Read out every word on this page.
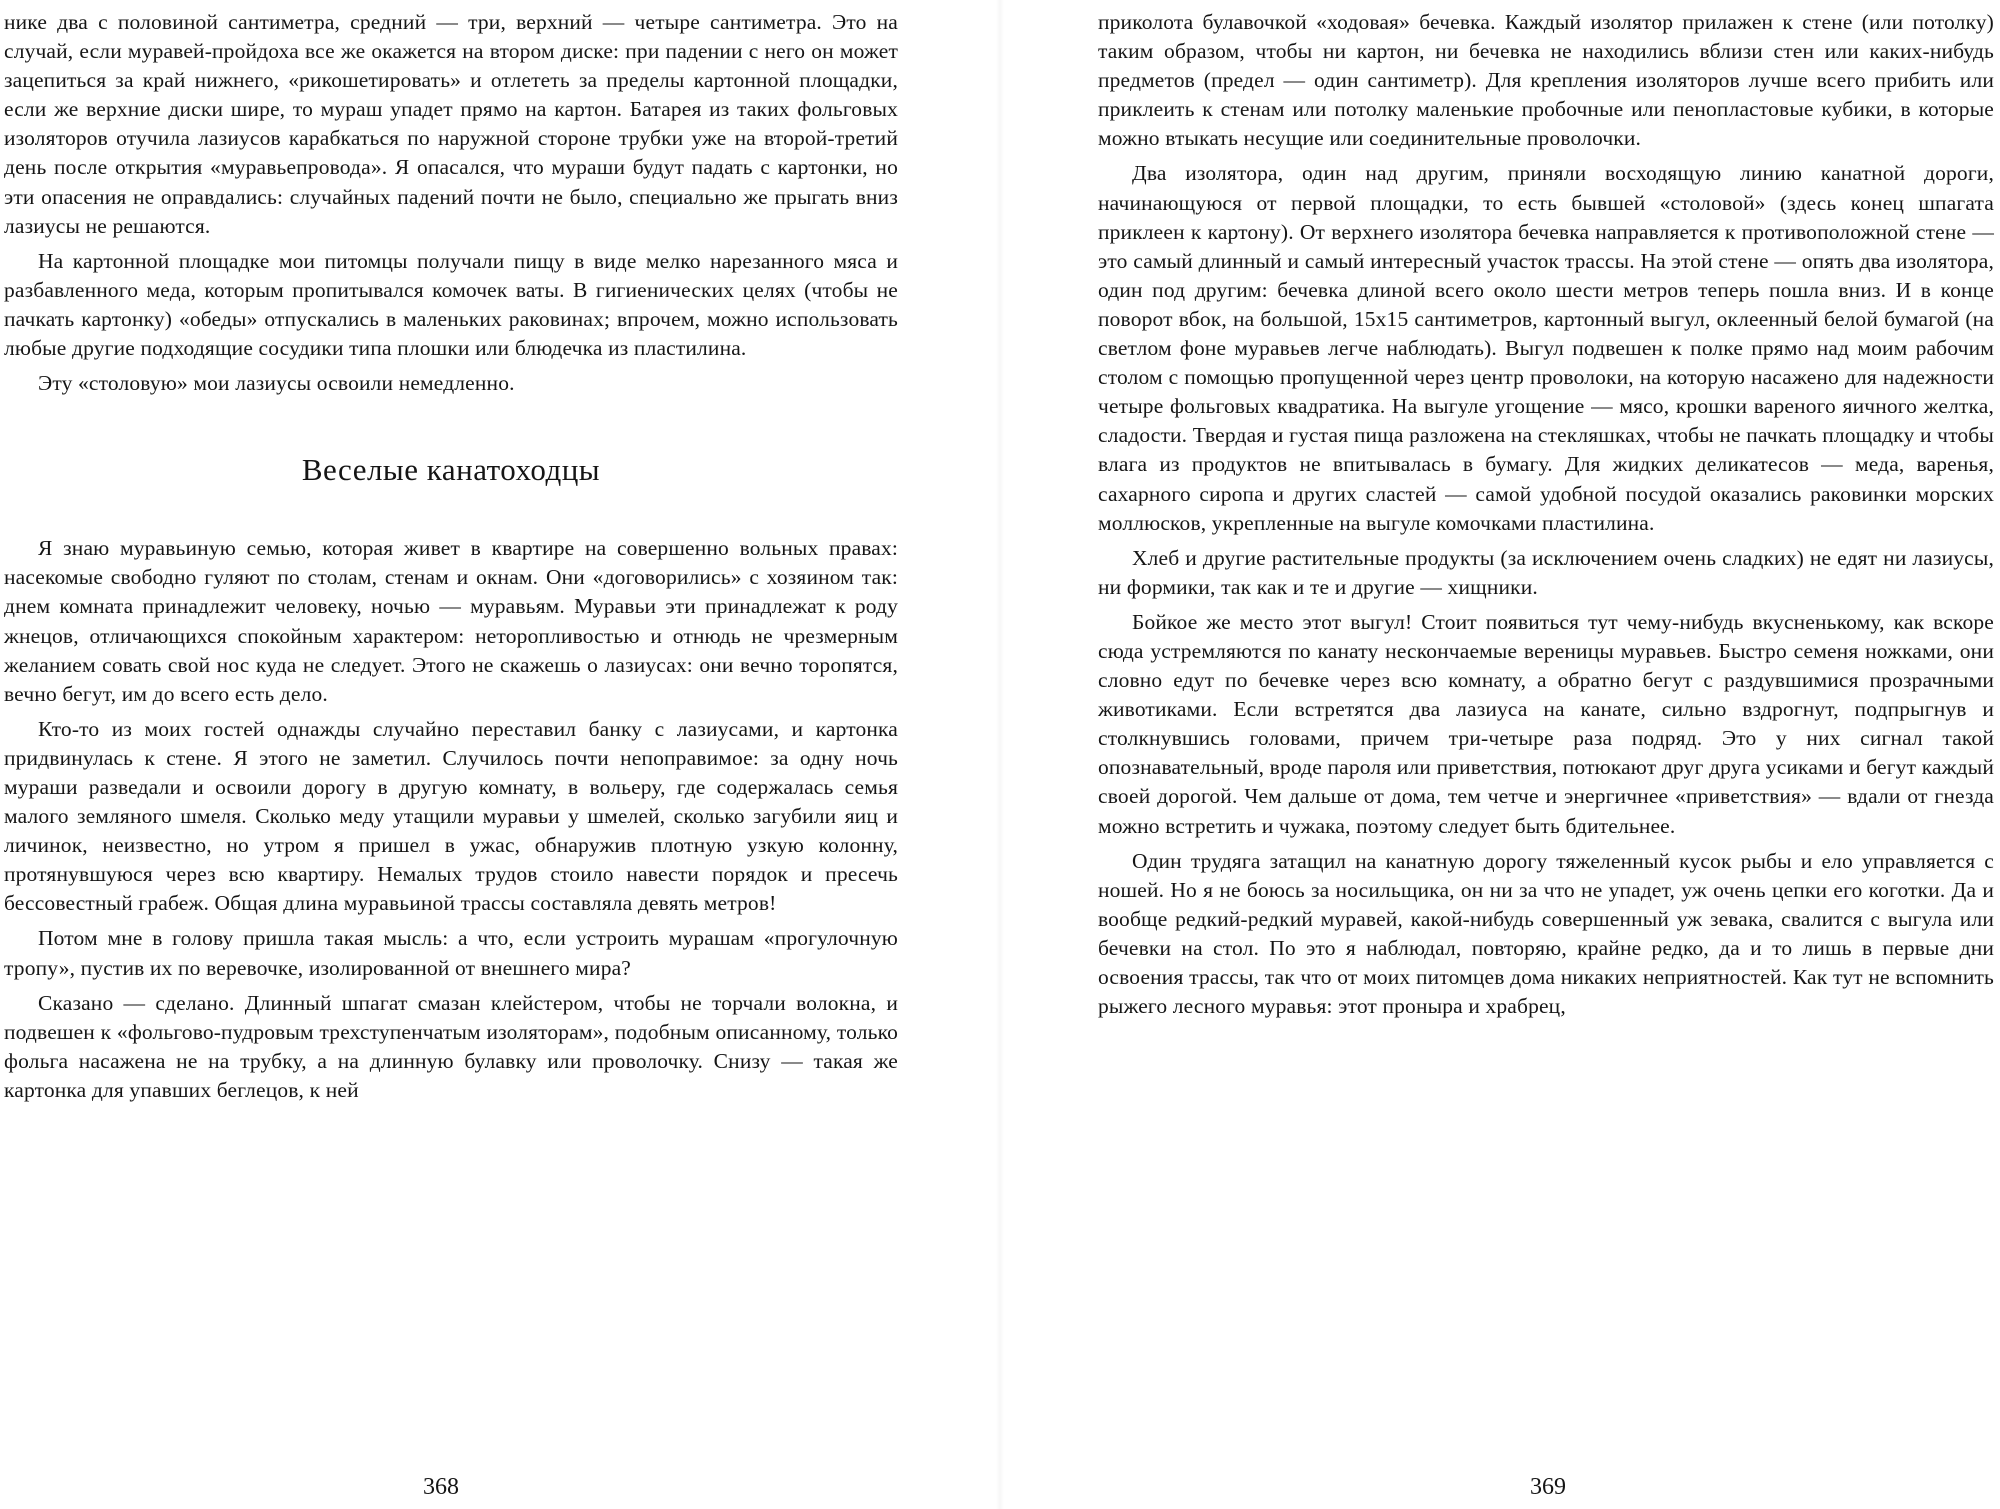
нике два с половиной сантиметра, средний — три, верхний — четыре сантиметра. Это на случай, если муравей-пройдоха все же окажется на втором диске: при падении с него он может зацепиться за край нижнего, «рикошетировать» и отлететь за пределы картонной площадки, если же верхние диски шире, то мураш упадет прямо на картон. Батарея из таких фольговых изоляторов отучила лазиусов карабкаться по наружной стороне трубки уже на второй-третий день после открытия «муравьепровода». Я опасался, что мураши будут падать с картонки, но эти опасения не оправдались: случайных падений почти не было, специально же прыгать вниз лазиусы не решаются.

На картонной площадке мои питомцы получали пищу в виде мелко нарезанного мяса и разбавленного меда, которым пропитывался комочек ваты. В гигиенических целях (чтобы не пачкать картонку) «обеды» отпускались в маленьких раковинах; впрочем, можно использовать любые другие подходящие сосудики типа плошки или блюдечка из пластилина.

Эту «столовую» мои лазиусы освоили немедленно.

Веселые канатоходцы

Я знаю муравьиную семью, которая живет в квартире на совершенно вольных правах: насекомые свободно гуляют по столам, стенам и окнам. Они «договорились» с хозяином так: днем комната принадлежит человеку, ночью — муравьям. Муравьи эти принадлежат к роду жнецов, отличающихся спокойным характером: неторопливостью и отнюдь не чрезмерным желанием совать свой нос куда не следует. Этого не скажешь о лазиусах: они вечно торопятся, вечно бегут, им до всего есть дело.

Кто-то из моих гостей однажды случайно переставил банку с лазиусами, и картонка придвинулась к стене. Я этого не заметил. Случилось почти непоправимое: за одну ночь мураши разведали и освоили дорогу в другую комнату, в вольеру, где содержалась семья малого земляного шмеля. Сколько меду утащили муравьи у шмелей, сколько загубили яиц и личинок, неизвестно, но утром я пришел в ужас, обнаружив плотную узкую колонну, протянувшуюся через всю квартиру. Немалых трудов стоило навести порядок и пресечь бессовестный грабеж. Общая длина муравьиной трассы составляла девять метров!

Потом мне в голову пришла такая мысль: а что, если устроить мурашам «прогулочную тропу», пустив их по веревочке, изолированной от внешнего мира?

Сказано — сделано. Длинный шпагат смазан клейстером, чтобы не торчали волокна, и подвешен к «фольгово-пудровым трехступенчатым изоляторам», подобным описанному, только фольга насажена не на трубку, а на длинную булавку или проволочку. Снизу — такая же картонка для упавших беглецов, к ней

368

приколота булавочкой «ходовая» бечевка. Каждый изолятор прилажен к стене (или потолку) таким образом, чтобы ни картон, ни бечевка не находились вблизи стен или каких-нибудь предметов (предел — один сантиметр). Для крепления изоляторов лучше всего прибить или приклеить к стенам или потолку маленькие пробочные или пенопластовые кубики, в которые можно втыкать несущие или соединительные проволочки.

Два изолятора, один над другим, приняли восходящую линию канатной дороги, начинающуюся от первой площадки, то есть бывшей «столовой» (здесь конец шпагата приклеен к картону). От верхнего изолятора бечевка направляется к противоположной стене — это самый длинный и самый интересный участок трассы. На этой стене — опять два изолятора, один под другим: бечевка длиной всего около шести метров теперь пошла вниз. И в конце поворот вбок, на большой, 15x15 сантиметров, картонный выгул, оклеенный белой бумагой (на светлом фоне муравьев легче наблюдать). Выгул подвешен к полке прямо над моим рабочим столом с помощью пропущенной через центр проволоки, на которую насажено для надежности четыре фольговых квадратика. На выгуле угощение — мясо, крошки вареного яичного желтка, сладости. Твердая и густая пища разложена на стекляшках, чтобы не пачкать площадку и чтобы влага из продуктов не впитывалась в бумагу. Для жидких деликатесов — меда, варенья, сахарного сиропа и других сластей — самой удобной посудой оказались раковинки морских моллюсков, укрепленные на выгуле комочками пластилина.

Хлеб и другие растительные продукты (за исключением очень сладких) не едят ни лазиусы, ни формики, так как и те и другие — хищники.

Бойкое же место этот выгул! Стоит появиться тут чему-нибудь вкусненькому, как вскоре сюда устремляются по канату нескончаемые вереницы муравьев. Быстро семеня ножками, они словно едут по бечевке через всю комнату, а обратно бегут с раздувшимися прозрачными животиками. Если встретятся два лазиуса на канате, сильно вздрогнут, подпрыгнув и столкнувшись головами, причем три-четыре раза подряд. Это у них сигнал такой опознавательный, вроде пароля или приветствия, потюкают друг друга усиками и бегут каждый своей дорогой. Чем дальше от дома, тем четче и энергичнее «приветствия» — вдали от гнезда можно встретить и чужака, поэтому следует быть бдительнее.

Один трудяга затащил на канатную дорогу тяжеленный кусок рыбы и ело управляется с ношей. Но я не боюсь за носильщика, он ни за что не упадет, уж очень цепки его коготки. Да и вообще редкий-редкий муравей, какой-нибудь совершенный уж зевака, свалится с выгула или бечевки на стол. По это я наблюдал, повторяю, крайне редко, да и то лишь в первые дни освоения трассы, так что от моих питомцев дома никаких неприятностей. Как тут не вспомнить рыжего лесного муравья: этот проныра и храбрец,

369
